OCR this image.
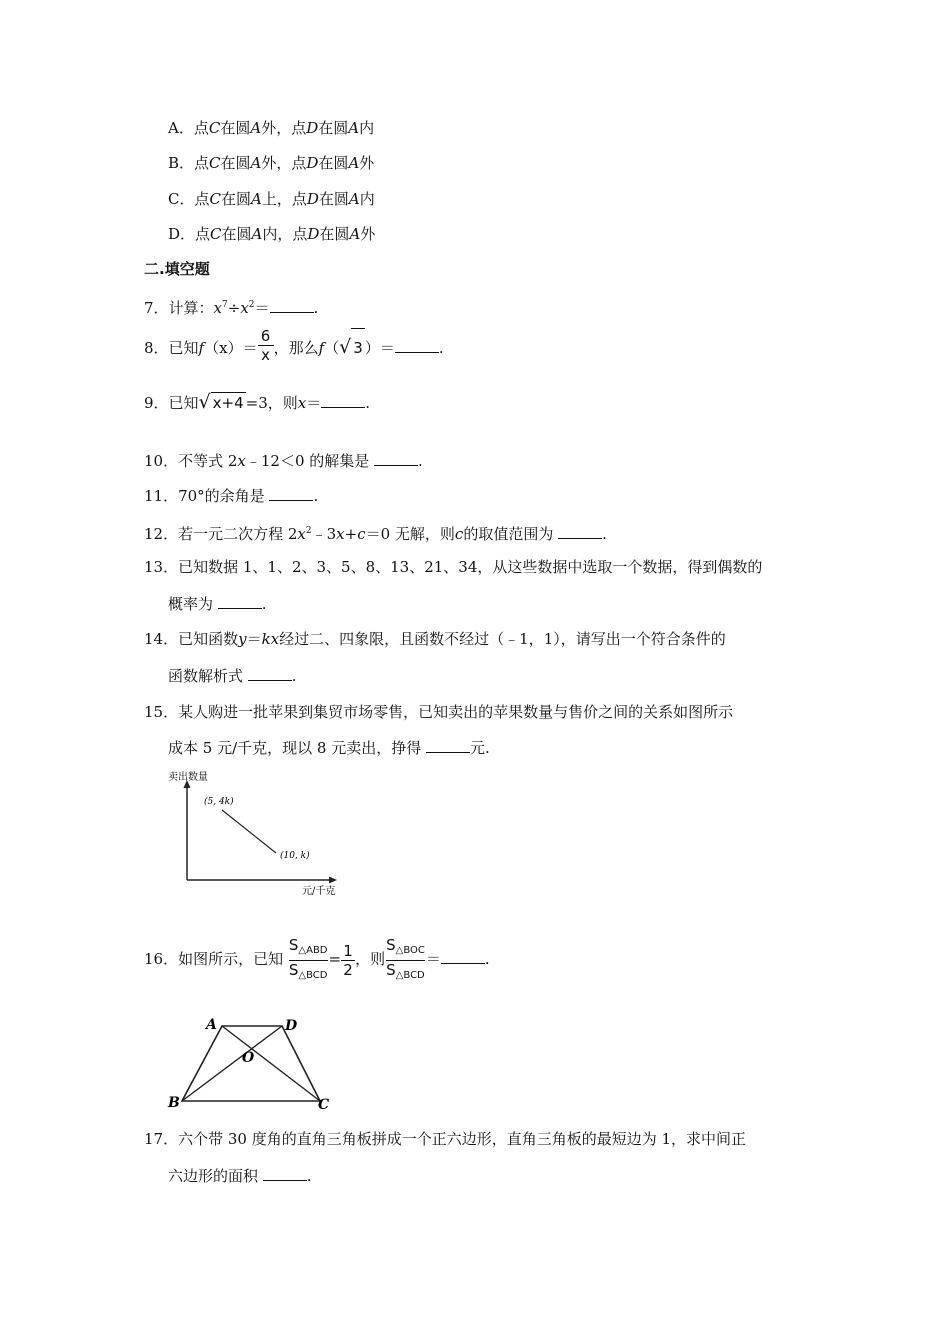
A．点C在圆A外，点D在圆A内
B．点C在圆A外，点D在圆A外
C．点C在圆A上，点D在圆A内
D．点C在圆A内，点D在圆A外
二.填空题
7．计算：$x^7\div x^2=$	.
8．已知$f(x)= \frac{6}{x}$ ，那么f（√ 3 ）＝	.
9．已知√ x+4 =3，则x＝	.
10．不等式 2x﹣12＜0 的解集是	.
11．70°的余角是	.
12．若一元二次方程 $2x^2﹣3x+c=0$ 无解，则c的取值范围为	.
13．已知数据 1、1、2、3、5、8、13、21、34，从这些数据中选取一个数据，得到偶数的
概率为	.
14．已知函数y＝kx经过二、四象限，且函数不经过（﹣1，1），请写出一个符合条件的
函数解析式	.
15．某人购进一批苹果到集贸市场零售，已知卖出的苹果数量与售价之间的关系如图所示
成本 5 元/千克，现以 8 元卖出，挣得	元.
卖出数量
元/千克
(5, 4k)
(10, k)
16．如图所示，已知 $\frac{S_{\triangle ABD}}{S_{\triangle BCD}} = \frac{1}{2}$ ，则 $\frac{S_{\triangle BOC}}{S_{\triangle BCD}}$ ＝	.
A	D
O
B	C
17．六个带 30 度角的直角三角板拼成一个正六边形，直角三角板的最短边为 1，求中间正
六边形的面积	.
